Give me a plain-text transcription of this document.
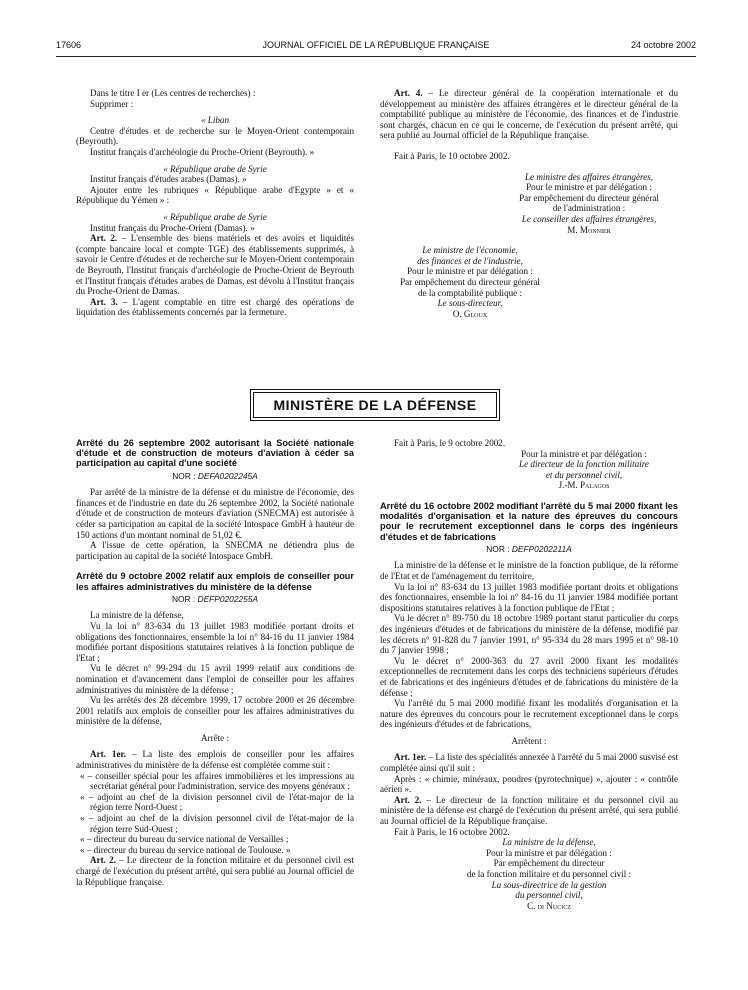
17606	JOURNAL OFFICIEL DE LA RÉPUBLIQUE FRANÇAISE	24 octobre 2002

Dans le titre I er (Les centres de recherches) :

Supprimer :

« Liban

Centre d'études et de recherche sur le Moyen-Orient contemporain (Beyrouth).

Institut français d'archéologie du Proche-Orient (Beyrouth). »

« République arabe de Syrie

Institut français d'études arabes (Damas). »

Ajouter entre les rubriques « République arabe d'Egypte » et « République du Yémen » :

« République arabe de Syrie

Institut français du Proche-Orient (Damas). »

Art. 2. – L'ensemble des biens matériels et des avoirs et liquidités (compte bancaire local et compte TGE) des établissements supprimés, à savoir le Centre d'études et de recherche sur le Moyen-Orient contemporain de Beyrouth, l'Institut français d'archéologie de Proche-Orient de Beyrouth et l'Institut français d'études arabes de Damas, est dévolu à l'Institut français du Proche-Orient de Damas.

Art. 3. – L'agent comptable en titre est chargé des opérations de liquidation des établissements concernés par la fermeture.

Art. 4. – Le directeur général de la coopération internationale et du développement au ministère des affaires étrangères et le directeur général de la comptabilité publique au ministère de l'économie, des finances et de l'industrie sont chargés, chacun en ce qui le concerne, de l'exécution du présent arrêté, qui sera publié au Journal officiel de la République française.

Fait à Paris, le 10 octobre 2002.

Le ministre des affaires étrangères,

Pour le ministre et par délégation :

Par empêchement du directeur général

de l'administration :

Le conseiller des affaires étrangères,

M. Monnier

Le ministre de l'économie,

des finances et de l'industrie,

Pour le ministre et par délégation :

Par empêchement du directeur général

de la comptabilité publique :

Le sous-directeur,

O. Gloux

MINISTÈRE DE LA DÉFENSE

Arrêté du 26 septembre 2002 autorisant la Société nationale d'étude et de construction de moteurs d'aviation à céder sa participation au capital d'une société

NOR : DEFA0202245A

Par arrêté de la ministre de la défense et du ministre de l'économie, des finances et de l'industrie en date du 26 septembre 2002, la Société nationale d'étude et de construction de moteurs d'aviation (SNECMA) est autorisée à céder sa participation au capital de la société Intospace GmbH à hauteur de 150 actions d'un montant nominal de 51,02 €.

A l'issue de cette opération, la SNECMA ne détiendra plus de participation au capital de la société Intospace GmbH.

Arrêté du 9 octobre 2002 relatif aux emplois de conseiller pour les affaires administratives du ministère de la défense

NOR : DEFP0202255A

La ministre de la défense,

Vu la loi n° 83-634 du 13 juillet 1983 modifiée portant droits et obligations des fonctionnaires, ensemble la loi n° 84-16 du 11 janvier 1984 modifiée portant dispositions statutaires relatives à la fonction publique de l'Etat ;

Vu le décret n° 99-294 du 15 avril 1999 relatif aux conditions de nomination et d'avancement dans l'emploi de conseiller pour les affaires administratives du ministère de la défense ;

Vu les arrêtés des 28 décembre 1999, 17 octobre 2000 et 26 décembre 2001 relatifs aux emplois de conseiller pour les affaires administratives du ministère de la défense,

Arrête :

Art. 1er. – La liste des emplois de conseiller pour les affaires administratives du ministère de la défense est complétée comme suit :

« – conseiller spécial pour les affaires immobilières et les impressions au secrétariat général pour l'administration, service des moyens généraux ;

« – adjoint au chef de la division personnel civil de l'état-major de la région terre Nord-Ouest ;

« – adjoint au chef de la division personnel civil de l'état-major de la région terre Sud-Ouest ;

« – directeur du bureau du service national de Versailles ;

« – directeur du bureau du service national de Toulouse. »

Art. 2. – Le directeur de la fonction militaire et du personnel civil est chargé de l'exécution du présent arrêté, qui sera publié au Journal officiel de la République française.

Fait à Paris, le 9 octobre 2002.

Pour la ministre et par délégation :

Le directeur de la fonction militaire

et du personnel civil,

J.-M. Palagos

Arrêté du 16 octobre 2002 modifiant l'arrêté du 5 mai 2000 fixant les modalités d'organisation et la nature des épreuves du concours pour le recrutement exceptionnel dans le corps des ingénieurs d'études et de fabrications

NOR : DEFP0202211A

La ministre de la défense et le ministre de la fonction publique, de la réforme de l'Etat et de l'aménagement du territoire,

Vu la loi n° 83-634 du 13 juillet 1983 modifiée portant droits et obligations des fonctionnaires, ensemble la loi n° 84-16 du 11 janvier 1984 modifiée portant dispositions statutaires relatives à la fonction publique de l'Etat ;

Vu le décret n° 89-750 du 18 octobre 1989 portant statut particulier du corps des ingénieurs d'études et de fabrications du ministère de la défense, modifié par les décrets n° 91-828 du 7 janvier 1991, n° 95-334 du 28 mars 1995 et n° 98-10 du 7 janvier 1998 ;

Vu le décret n° 2000-363 du 27 avril 2000 fixant les modalités exceptionnelles de recrutement dans les corps des techniciens supérieurs d'études et de fabrications et des ingénieurs d'études et de fabrications du ministère de la défense ;

Vu l'arrêté du 5 mai 2000 modifié fixant les modalités d'organisation et la nature des épreuves du concours pour le recrutement exceptionnel dans le corps des ingénieurs d'études et de fabrications,

Arrêtent :

Art. 1er. – La liste des spécialités annexée à l'arrêté du 5 mai 2000 susvisé est complétée ainsi qu'il suit :

Après : « chimie, minéraux, poudres (pyrotechnique) », ajouter : « contrôle aérien ».

Art. 2. – Le directeur de la fonction militaire et du personnel civil au ministère de la défense est chargé de l'exécution du présent arrêté, qui sera publié au Journal officiel de la République française.

Fait à Paris, le 16 octobre 2002.

La ministre de la défense,

Pour la ministre et par délégation :

Par empêchement du directeur

de la fonction militaire et du personnel civil :

La sous-directrice de la gestion

du personnel civil,

C. di Nucicz
